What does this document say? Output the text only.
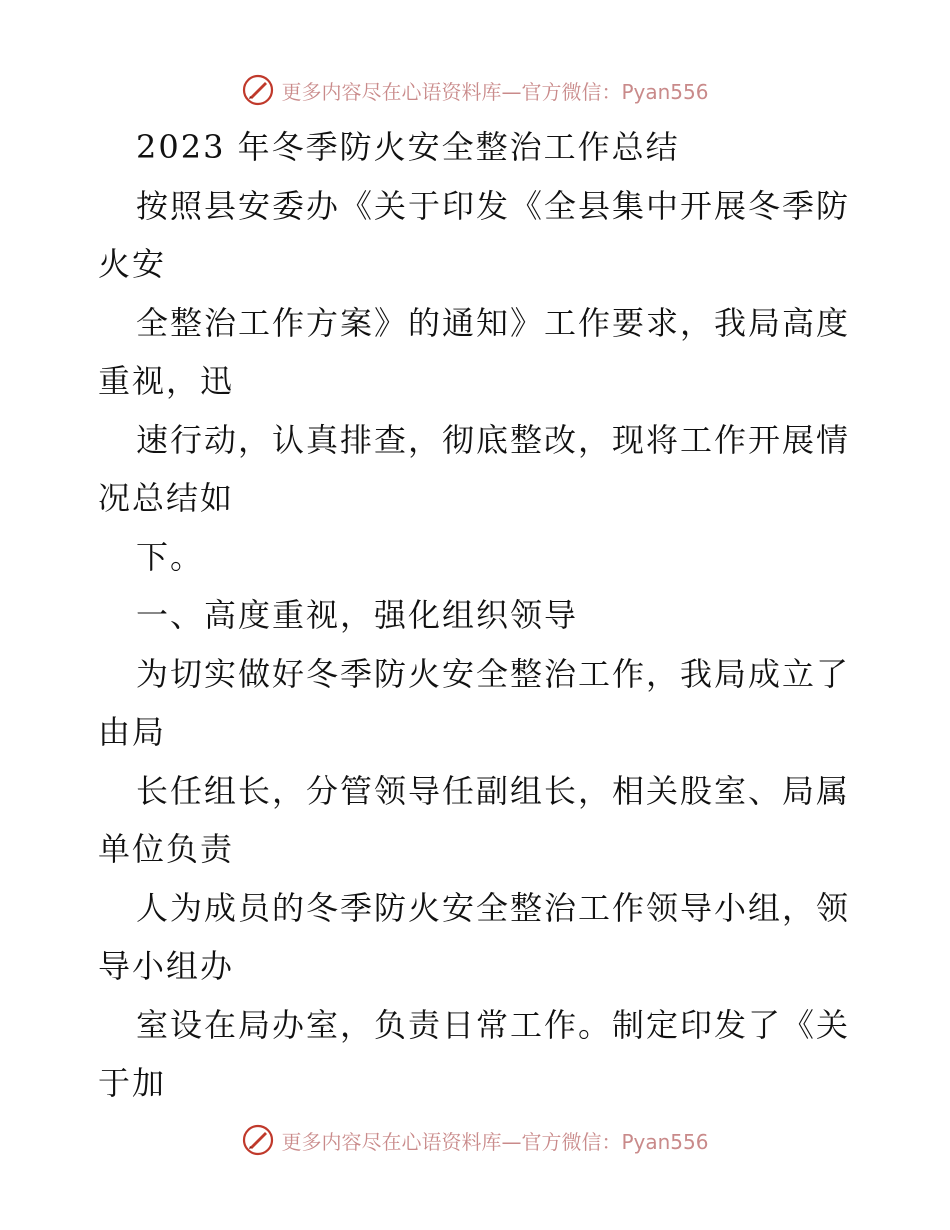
更多内容尽在心语资料库—官方微信：Pyan556
2023 年冬季防火安全整治工作总结
按照县安委办《关于印发《全县集中开展冬季防
火安
全整治工作方案》的通知》工作要求，我局高度
重视，迅
速行动，认真排查，彻底整改，现将工作开展情
况总结如
下。
一、高度重视，强化组织领导
为切实做好冬季防火安全整治工作，我局成立了
由局
长任组长，分管领导任副组长，相关股室、局属
单位负责
人为成员的冬季防火安全整治工作领导小组，领
导小组办
室设在局办室，负责日常工作。制定印发了《关
于加
更多内容尽在心语资料库—官方微信：Pyan556
